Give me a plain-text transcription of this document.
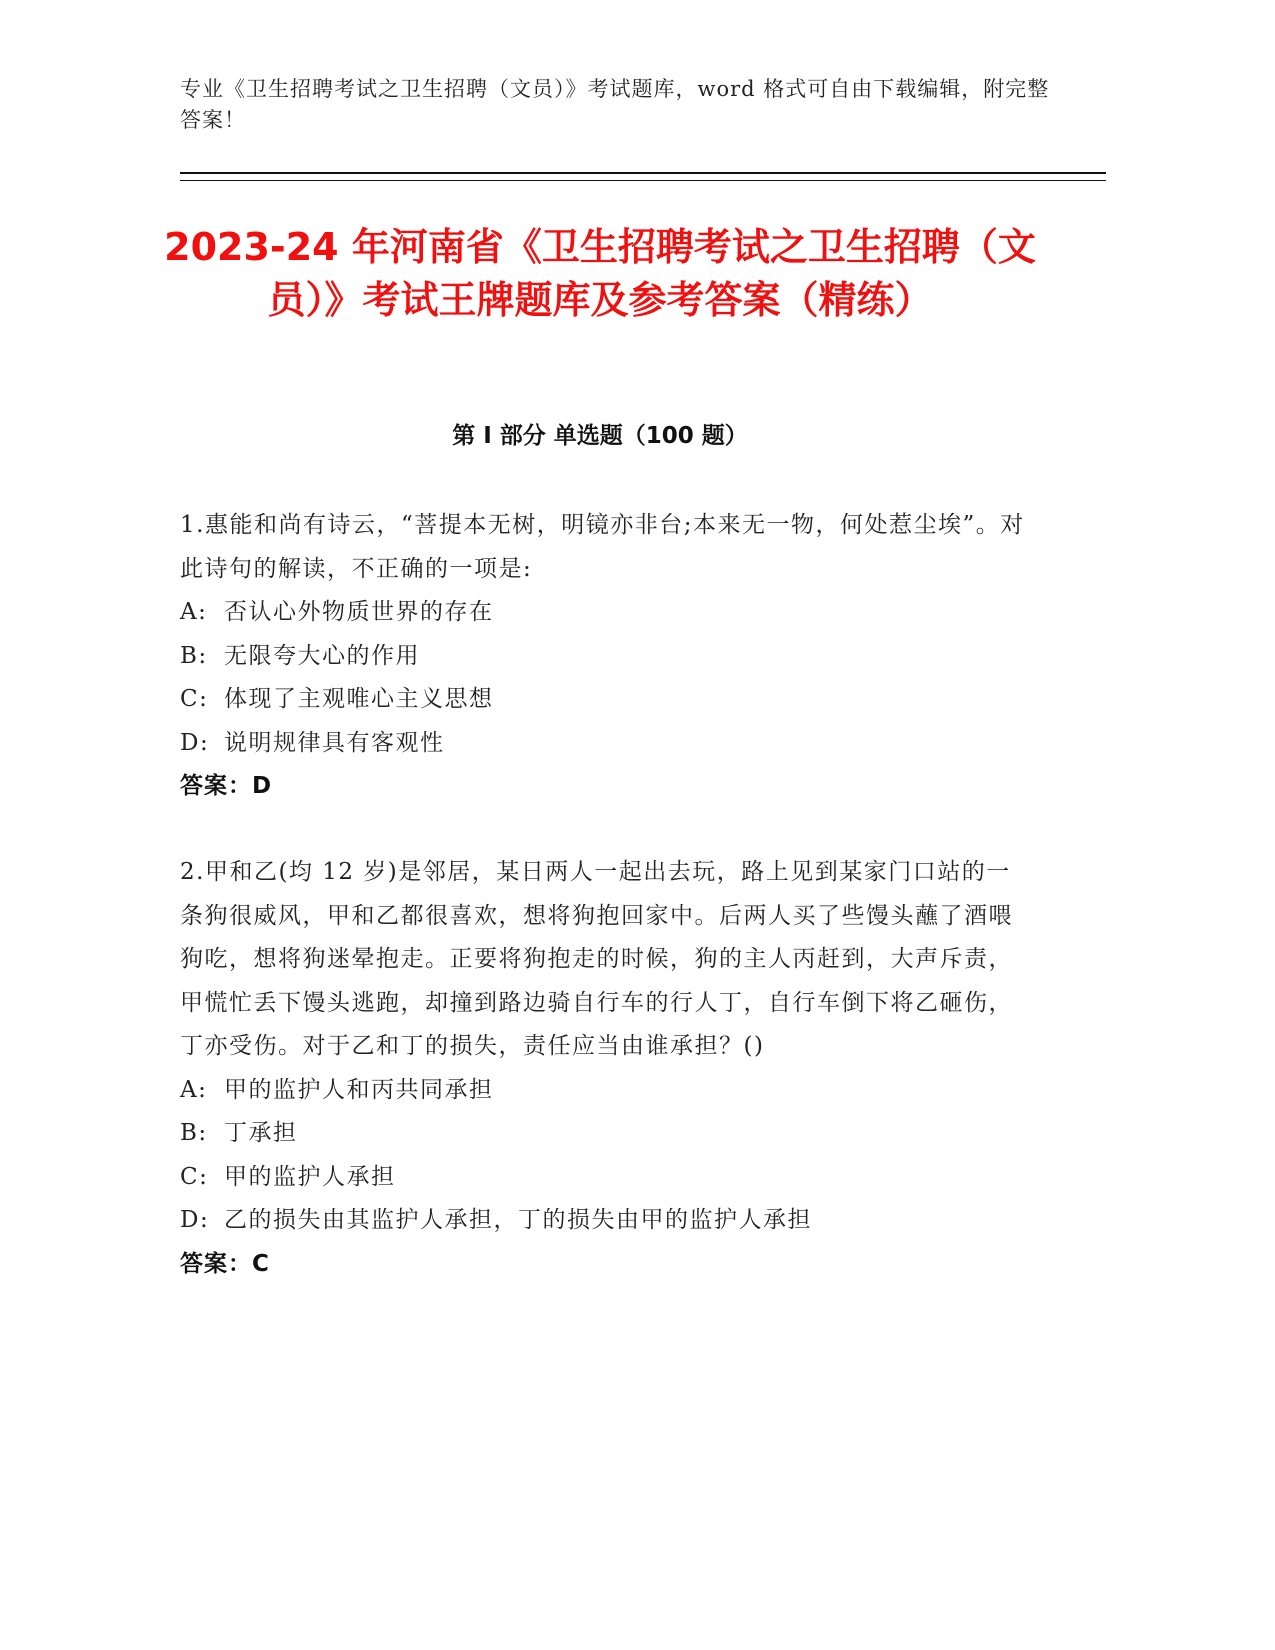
专业《卫生招聘考试之卫生招聘（文员）》考试题库，word 格式可自由下载编辑，附完整答案！
2023-24 年河南省《卫生招聘考试之卫生招聘（文员）》考试王牌题库及参考答案（精练）
第 I 部分 单选题（100 题）
1.惠能和尚有诗云，“菩提本无树，明镜亦非台;本来无一物，何处惹尘埃”。对此诗句的解读，不正确的一项是:
A: 否认心外物质世界的存在
B: 无限夸大心的作用
C: 体现了主观唯心主义思想
D: 说明规律具有客观性
答案：D
2.甲和乙(均 12 岁)是邻居，某日两人一起出去玩，路上见到某家门口站的一条狗很威风，甲和乙都很喜欢，想将狗抱回家中。后两人买了些馒头蘸了酒喂狗吃，想将狗迷晕抱走。正要将狗抱走的时候，狗的主人丙赶到，大声斥责，甲慌忙丢下馒头逃跑，却撞到路边骑自行车的行人丁，自行车倒下将乙砸伤，丁亦受伤。对于乙和丁的损失，责任应当由谁承担？()
A: 甲的监护人和丙共同承担
B: 丁承担
C: 甲的监护人承担
D: 乙的损失由其监护人承担，丁的损失由甲的监护人承担
答案：C
